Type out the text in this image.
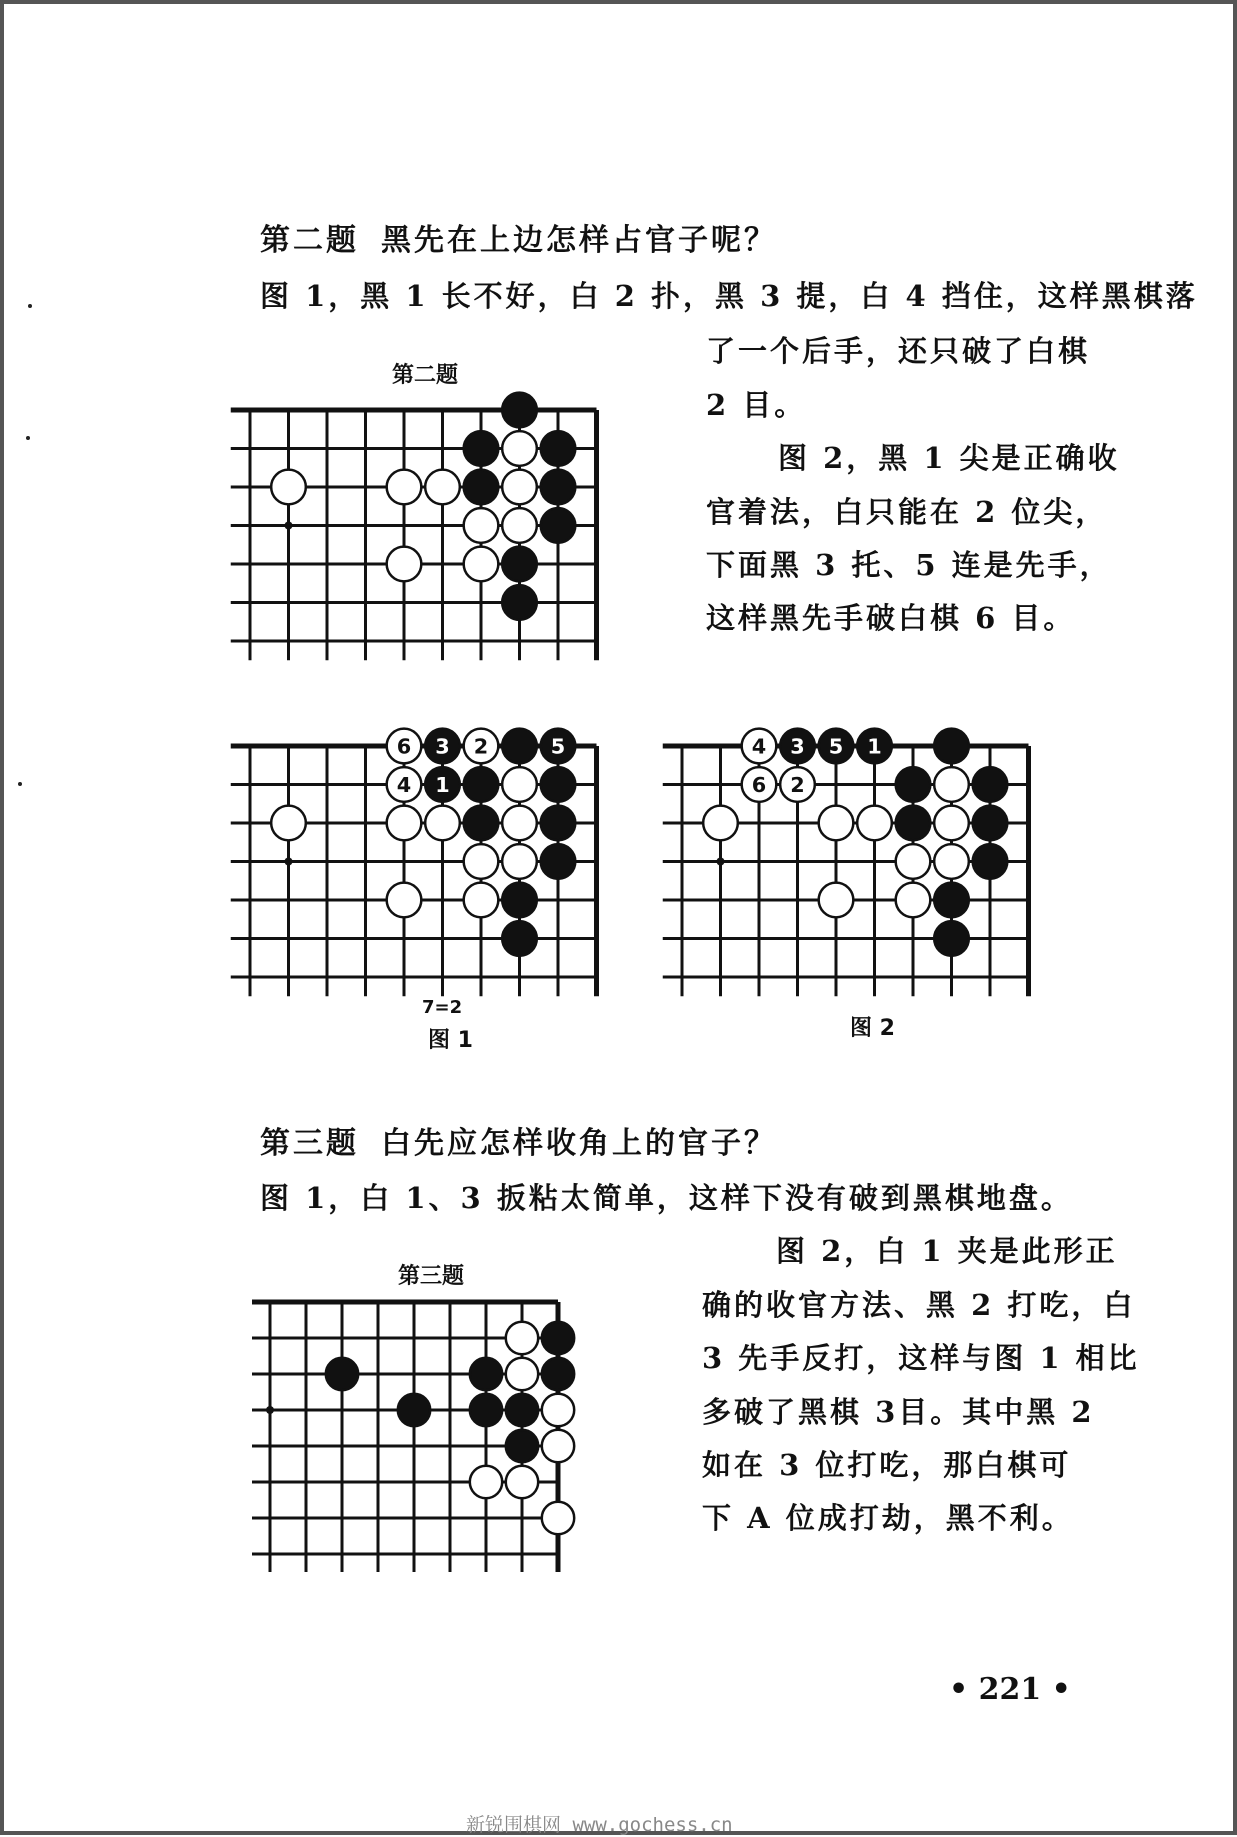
第二题 黑先在上边怎样占官子呢？
图 1，黑 1 长不好，白 2 扑，黑 3 提，白 4 挡住，这样黑棋落
了一个后手，还只破了白棋
2 目。
图 2，黑 1 尖是正确收
官着法，白只能在 2 位尖，
下面黑 3 托、5 连是先手，
这样黑先手破白棋 6 目。
第二题
6 3 2	5
4 1
4 3 5 1
6 2
7=2
图 1	图 2
第三题 白先应怎样收角上的官子？
图 1，白 1、3 扳粘太简单，这样下没有破到黑棋地盘。
图 2，白 1 夹是此形正
确的收官方法、黑 2 打吃，白
3 先手反打，这样与图 1 相比
多破了黑棋 3目。其中黑 2
如在 3 位打吃，那白棋可
下 A 位成打劫，黑不利。
第三题
• 221 •
新锐围棋网 www.gochess.cn
